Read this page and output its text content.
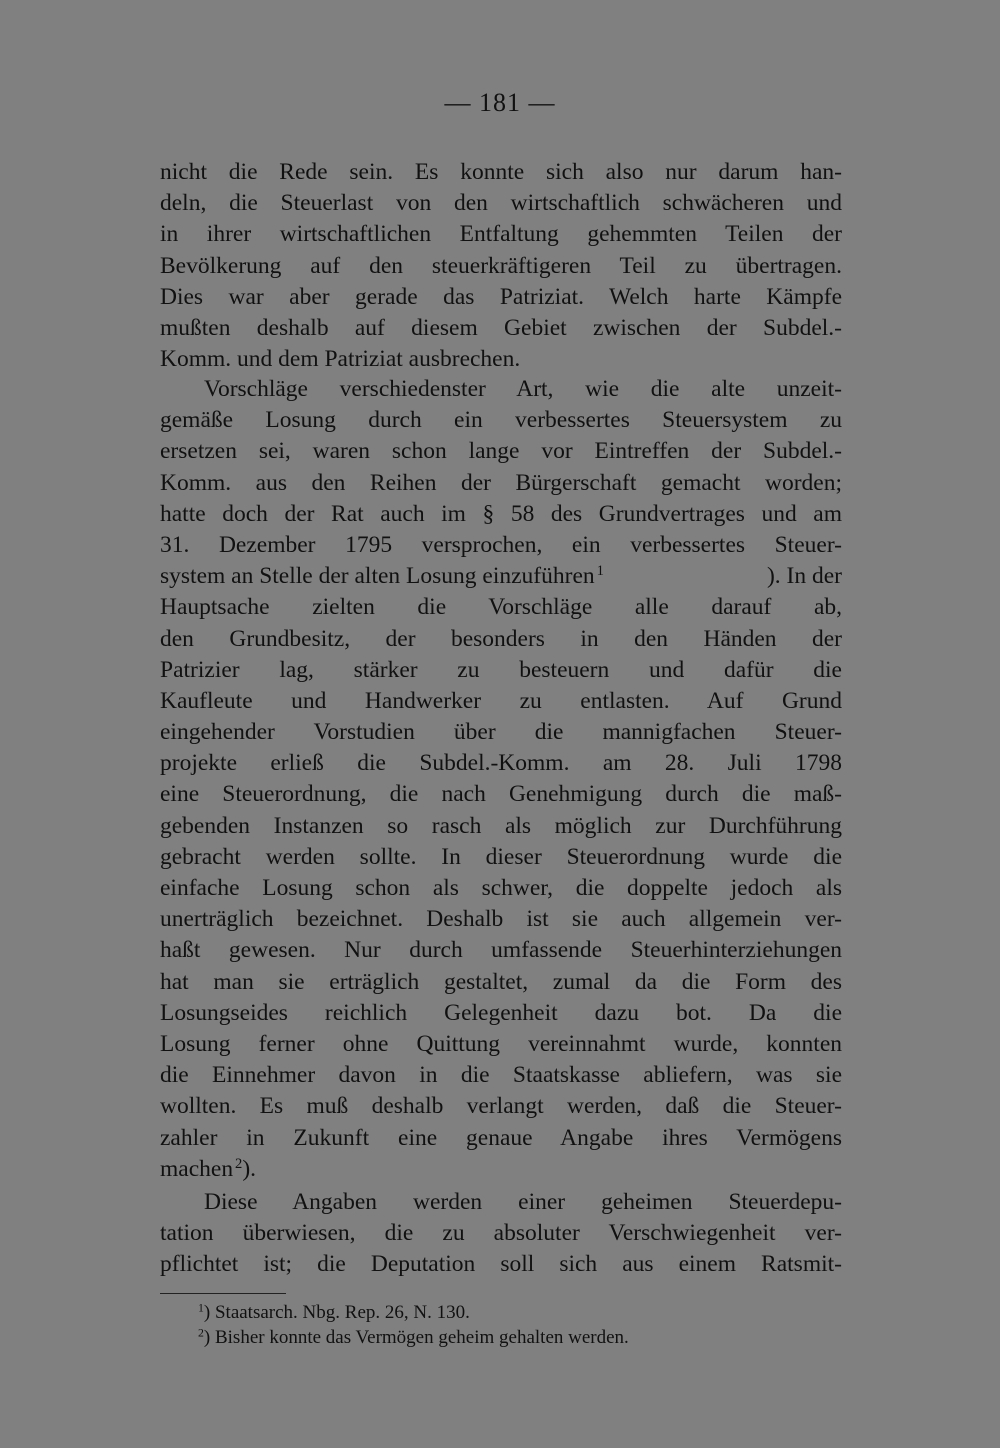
— 181 —
nicht die Rede sein. Es konnte sich also nur darum han-
deln, die Steuerlast von den wirtschaftlich schwächeren und
in ihrer wirtschaftlichen Entfaltung gehemmten Teilen der
Bevölkerung auf den steuerkräftigeren Teil zu übertragen.
Dies war aber gerade das Patriziat. Welch harte Kämpfe
mußten deshalb auf diesem Gebiet zwischen der Subdel.-
Komm. und dem Patriziat ausbrechen.
Vorschläge verschiedenster Art, wie die alte unzeit-
gemäße Losung durch ein verbessertes Steuersystem zu
ersetzen sei, waren schon lange vor Eintreffen der Subdel.-
Komm. aus den Reihen der Bürgerschaft gemacht worden;
hatte doch der Rat auch im § 58 des Grundvertrages und am
31. Dezember 1795 versprochen, ein verbessertes Steuer-
system an Stelle der alten Losung einzuführen  $^1$	). In der
Hauptsache zielten die Vorschläge alle darauf ab,
den Grundbesitz, der besonders in den Händen der
Patrizier lag, stärker zu besteuern und dafür die
Kaufleute und Handwerker zu entlasten. Auf Grund
eingehender Vorstudien über die mannigfachen Steuer-
projekte erließ die Subdel.-Komm. am 28. Juli 1798
eine Steuerordnung, die nach Genehmigung durch die maß-
gebenden Instanzen so rasch als möglich zur Durchführung
gebracht werden sollte. In dieser Steuerordnung wurde die
einfache Losung schon als schwer, die doppelte jedoch als
unerträglich bezeichnet. Deshalb ist sie auch allgemein ver-
haßt gewesen. Nur durch umfassende Steuerhinterziehungen
hat man sie erträglich gestaltet, zumal da die Form des
Losungseides reichlich Gelegenheit dazu bot. Da die
Losung ferner ohne Quittung vereinnahmt wurde, konnten
die Einnehmer davon in die Staatskasse abliefern, was sie
wollten. Es muß deshalb verlangt werden, daß die Steuer-
zahler in Zukunft eine genaue Angabe ihres Vermögens
machen  $^2$).
Diese Angaben werden einer geheimen Steuerdepu-
tation überwiesen, die zu absoluter Verschwiegenheit ver-
pflichtet ist; die Deputation soll sich aus einem Ratsmit-
$^1$) Staatsarch. Nbg. Rep. 26, N. 130.
$^2$) Bisher konnte das Vermögen geheim gehalten werden.
